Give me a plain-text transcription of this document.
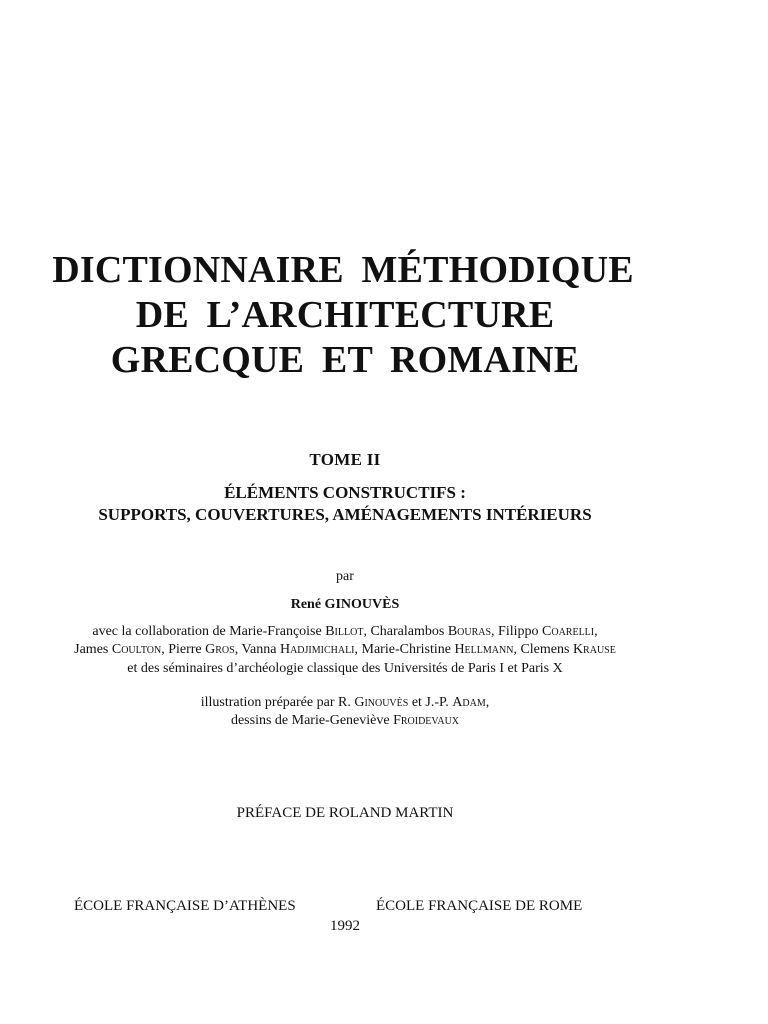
DICTIONNAIRE MÉTHODIQUE
DE L’ARCHITECTURE
GRECQUE ET ROMAINE
TOME II
ÉLÉMENTS CONSTRUCTIFS :
SUPPORTS, COUVERTURES, AMÉNAGEMENTS INTÉRIEURS
par
René GINOUVÈS
avec la collaboration de Marie-Françoise Billot, Charalambos Bouras, Filippo Coarelli,
James Coulton, Pierre Gros, Vanna Hadjimichali, Marie-Christine Hellmann, Clemens Krause
et des séminaires d’archéologie classique des Universités de Paris I et Paris X
illustration préparée par R. Ginouvès et J.-P. Adam,
dessins de Marie-Geneviève Froidevaux
PRÉFACE DE ROLAND MARTIN
ÉCOLE FRANÇAISE D’ATHÈNES	ÉCOLE FRANÇAISE DE ROME
1992
